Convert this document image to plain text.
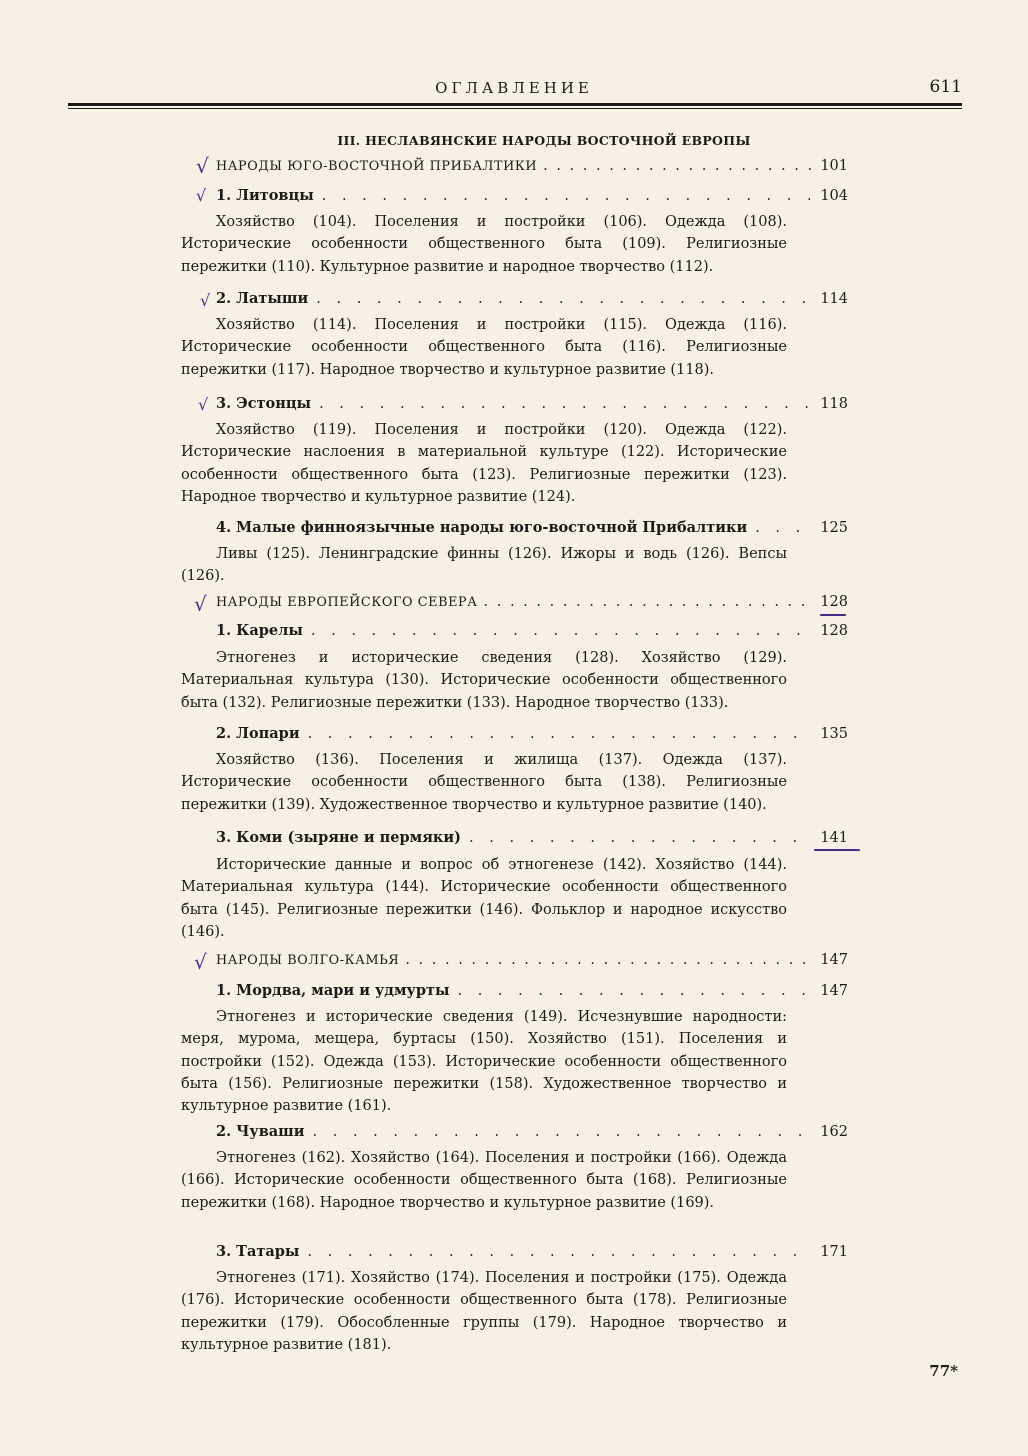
ОГЛАВЛЕНИЕ	611
III. НЕСЛАВЯНСКИЕ НАРОДЫ ВОСТОЧНОЙ ЕВРОПЫ
НАРОДЫ ЮГО-ВОСТОЧНОЙ ПРИБАЛТИКИ . . .	101
1. Литовцы . . .	104
Хозяйство (104). Поселения и постройки (106). Одежда (108). Исторические особенности общественного быта (109). Религиозные пережитки (110). Культурное развитие и народное творчество (112).
2. Латыши . . .	114
Хозяйство (114). Поселения и постройки (115). Одежда (116). Исторические особенности общественного быта (116). Религиозные пережитки (117). Народное творчество и культурное развитие (118).
3. Эстонцы . . .	118
Хозяйство (119). Поселения и постройки (120). Одежда (122). Исторические наслоения в материальной культуре (122). Исторические особенности общественного быта (123). Религиозные пережитки (123). Народное творчество и культурное развитие (124).
4. Малые финноязычные народы юго-восточной Прибалтики . . .	125
Ливы (125). Ленинградские финны (126). Ижоры и водь (126). Вепсы (126).
НАРОДЫ ЕВРОПЕЙСКОГО СЕВЕРА . . .	128
1. Карелы . . .	128
Этногенез и исторические сведения (128). Хозяйство (129). Материальная культура (130). Исторические особенности общественного быта (132). Религиозные пережитки (133). Народное творчество (133).
2. Лопари . . .	135
Хозяйство (136). Поселения и жилища (137). Одежда (137). Исторические особенности общественного быта (138). Религиозные пережитки (139). Художественное творчество и культурное развитие (140).
3. Коми (зыряне и пермяки) . . .	141
Исторические данные и вопрос об этногенезе (142). Хозяйство (144). Материальная культура (144). Исторические особенности общественного быта (145). Религиозные пережитки (146). Фольклор и народное искусство (146).
НАРОДЫ ВОЛГО-КАМЬЯ . . .	147
1. Мордва, мари и удмурты . . .	147
Этногенез и исторические сведения (149). Исчезнувшие народности: меря, мурома, мещера, буртасы (150). Хозяйство (151). Поселения и постройки (152). Одежда (153). Исторические особенности общественного быта (156). Религиозные пережитки (158). Художественное творчество и культурное развитие (161).
2. Чуваши . . .	162
Этногенез (162). Хозяйство (164). Поселения и постройки (166). Одежда (166). Исторические особенности общественного быта (168). Религиозные пережитки (168). Народное творчество и культурное развитие (169).
3. Татары . . .	171
Этногенез (171). Хозяйство (174). Поселения и постройки (175). Одежда (176). Исторические особенности общественного быта (178). Религиозные пережитки (179). Обособленные группы (179). Народное творчество и культурное развитие (181).
√
√
√
√
√
√
77*
